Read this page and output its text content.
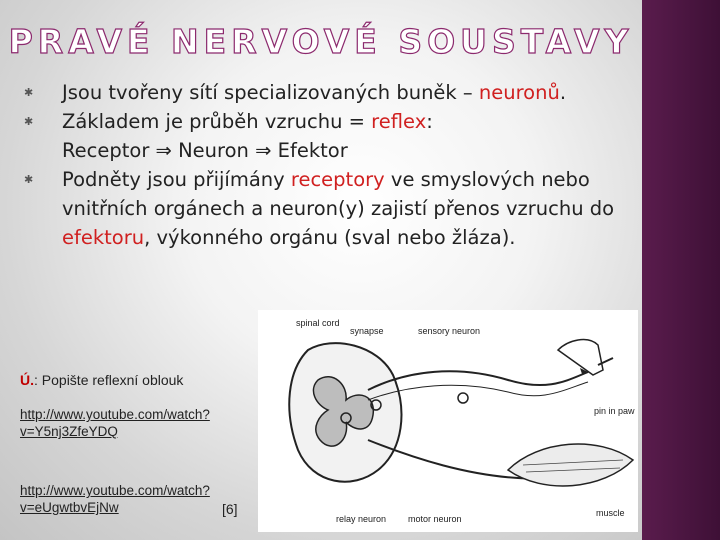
PRAVÉ NERVOVÉ SOUSTAVY
✱ Jsou tvořeny sítí specializovaných buněk – neuronů.
✱ Základem je průběh vzruchu = reflex:
Receptor ⇒ Neuron ⇒ Efektor
✱ Podněty jsou přijímány receptory ve smyslových nebo vnitřních orgánech a neuron(y) zajistí přenos vzruchu do efektoru, výkonného orgánu (sval nebo žláza).
Ú.: Popište reflexní oblouk
http://www.youtube.com/watch?v=Y5nj3ZfeYDQ
http://www.youtube.com/watch?v=eUgwtbvEjNw	[6]
spinal cord
synapse	sensory neuron
pin in paw
relay neuron motor neuron
muscle
